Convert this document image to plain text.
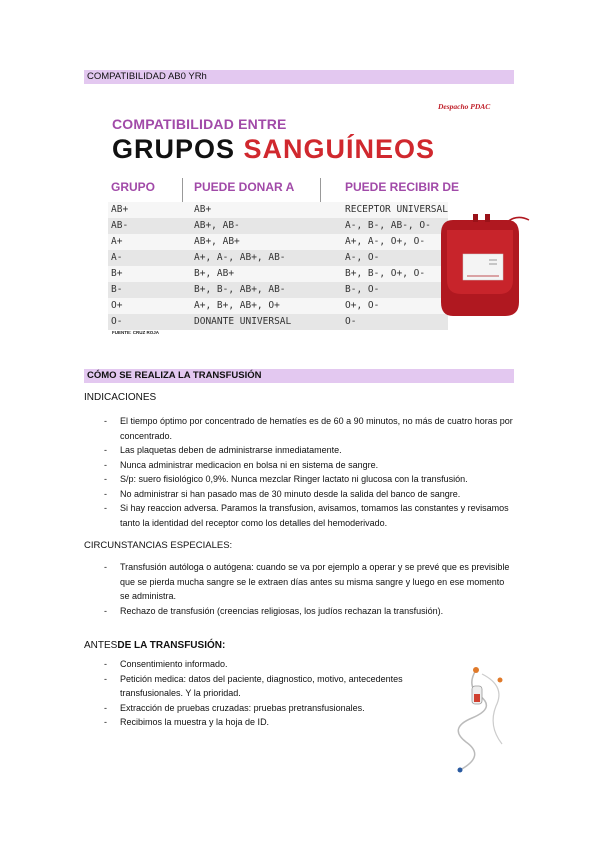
COMPATIBILIDAD AB0 YRh
Despacho PDAC
COMPATIBILIDAD ENTRE
GRUPOS SANGUÍNEOS
GRUPO	PUEDE DONAR A	PUEDE RECIBIR DE
AB+	AB+	RECEPTOR UNIVERSAL
AB-	AB+, AB-	A-, B-, AB-, O-
A+	AB+, AB+	A+, A-, O+, O-
A-	A+, A-, AB+, AB-	A-, O-
B+	B+, AB+	B+, B-, O+, O-
B-	B+, B-, AB+, AB-	B-, O-
O+	A+, B+, AB+, O+	O+, O-
O-	DONANTE UNIVERSAL	O-
FUENTE: CRUZ ROJA
CÓMO SE REALIZA LA TRANSFUSIÓN
INDICACIONES
- El tiempo óptimo por concentrado de hematíes es de 60 a 90 minutos, no más de cuatro horas por concentrado.
- Las plaquetas deben de administrarse inmediatamente.
- Nunca administrar medicacion en bolsa ni en sistema de sangre.
- S/p: suero fisiológico 0,9%. Nunca mezclar Ringer lactato ni glucosa con la transfusión.
- No administrar si han pasado mas de 30 minuto desde la salida del banco de sangre.
- Si hay reaccion adversa. Paramos la transfusion, avisamos, tomamos las constantes y revisamos tanto la identidad del receptor como los detalles del hemoderivado.
CIRCUNSTANCIAS ESPECIALES:
- Transfusión autóloga o autógena: cuando se va por ejemplo a operar y se prevé que es previsible que se pierda mucha sangre se le extraen días antes su misma sangre y luego en ese momento se administra.
- Rechazo de transfusión (creencias religiosas, los judíos rechazan la transfusión).
ANTESDE LA TRANSFUSIÓN:
- Consentimiento informado.
- Petición medica: datos del paciente, diagnostico, motivo, antecedentes transfusionales. Y la prioridad.
- Extracción de pruebas cruzadas: pruebas pretransfusionales.
- Recibimos la muestra y la hoja de ID.
